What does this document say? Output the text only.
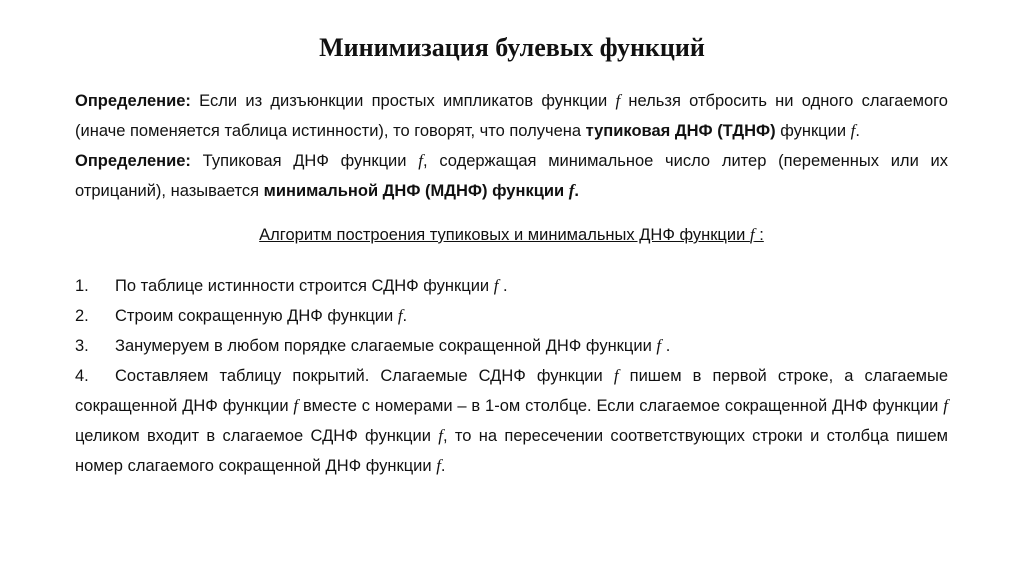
Минимизация булевых функций

Определение: Если из дизъюнкции простых импликатов функции f нельзя отбросить ни одного слагаемого (иначе поменяется таблица истинности), то говорят, что получена тупиковая ДНФ (ТДНФ) функции f.

Определение: Тупиковая ДНФ функции f, содержащая минимальное число литер (переменных или их отрицаний), называется минимальной ДНФ (МДНФ) функции f.

Алгоритм построения тупиковых и минимальных ДНФ функции f :

1. По таблице истинности строится СДНФ функции f .

2. Строим сокращенную ДНФ функции f.

3. Занумеруем в любом порядке слагаемые сокращенной ДНФ функции f .

4. Составляем таблицу покрытий. Слагаемые СДНФ функции f пишем в первой строке, а слагаемые сокращенной ДНФ функции f вместе с номерами – в 1-ом столбце. Если слагаемое сокращенной ДНФ функции f целиком входит в слагаемое СДНФ функции f, то на пересечении соответствующих строки и столбца пишем номер слагаемого сокращенной ДНФ функции f.
